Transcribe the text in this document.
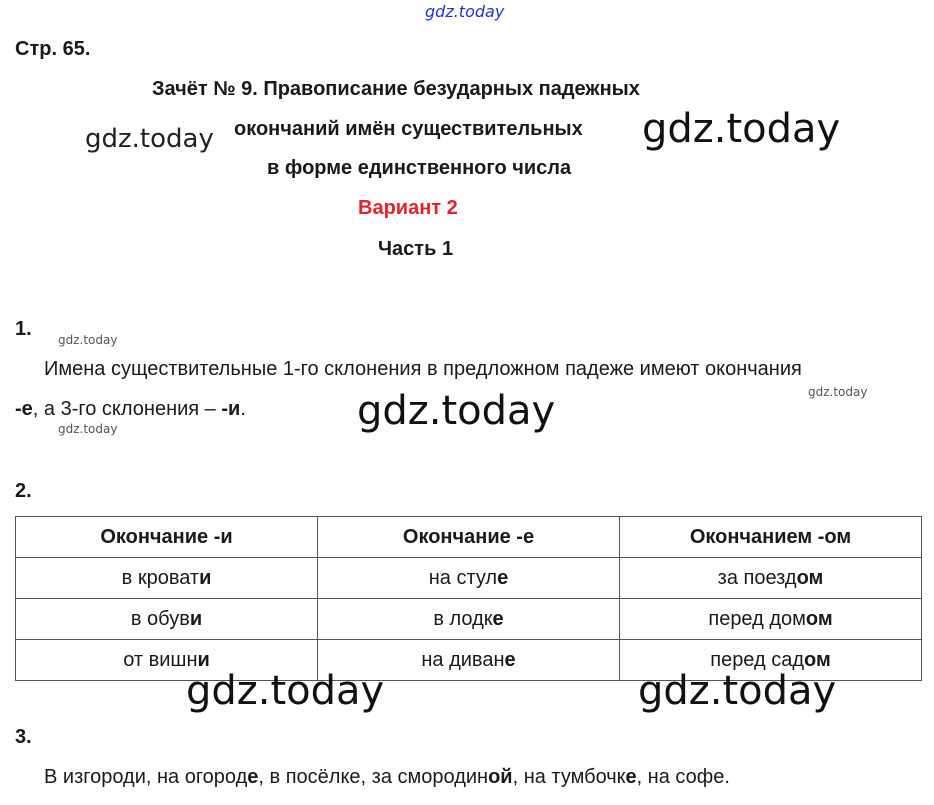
gdz.today
gdz.today	gdz.today
gdz.today
gdz.today
gdz.today	gdz.today
Стр. 65.
Зачёт № 9. Правописание безударных падежных
окончаний имён существительных
в форме единственного числа
Вариант 2
Часть 1
1.
Имена существительные 1-го склонения в предложном падеже имеют окончания
-е, а 3-го склонения – -и.
2.
Окончание -и	Окончание -е	Окончанием -ом
в кровати	на стуле	за поездом
в обуви	в лодке	перед домом
от вишни	на диване	перед садом
gdz.today	gdz.today
3.
В изгороди, на огороде, в посёлке, за смородиной, на тумбочке, на софе.
